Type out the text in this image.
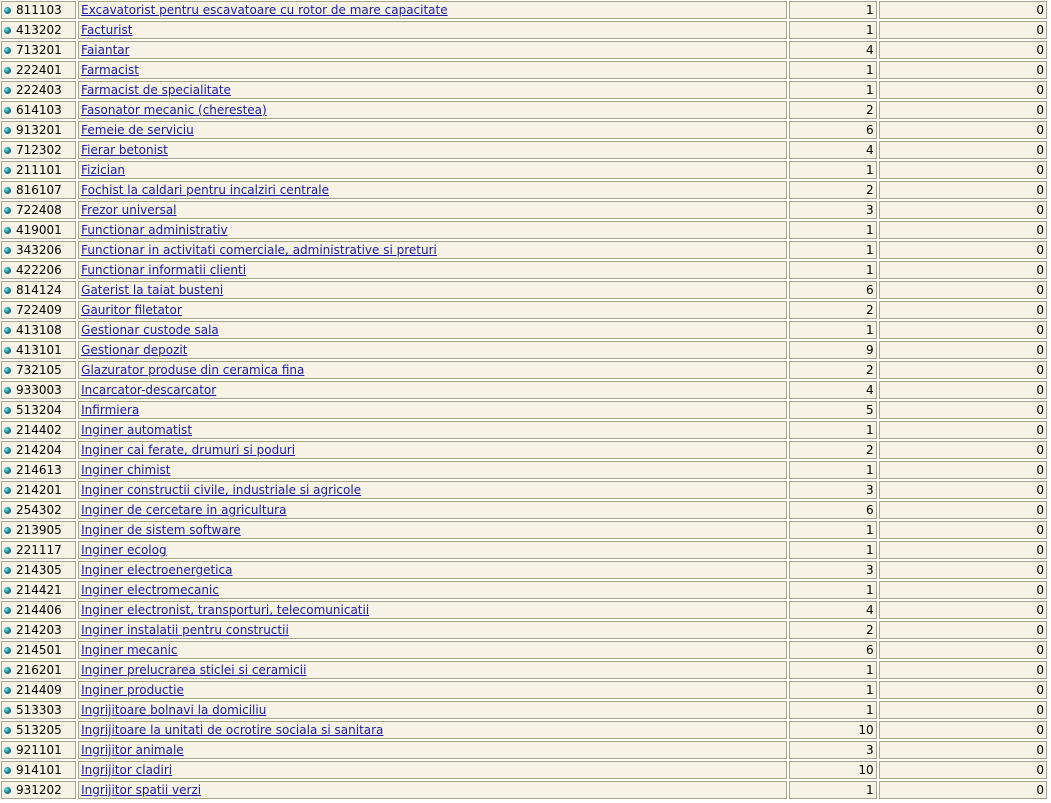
811103	Excavatorist pentru escavatoare cu rotor de mare capacitate	1	0
413202	Facturist	1	0
713201	Faiantar	4	0
222401	Farmacist	1	0
222403	Farmacist de specialitate	1	0
614103	Fasonator mecanic (cherestea)	2	0
913201	Femeie de serviciu	6	0
712302	Fierar betonist	4	0
211101	Fizician	1	0
816107	Fochist la caldari pentru incalziri centrale	2	0
722408	Frezor universal	3	0
419001	Functionar administrativ	1	0
343206	Functionar in activitati comerciale, administrative si preturi	1	0
422206	Functionar informatii clienti	1	0
814124	Gaterist la taiat busteni	6	0
722409	Gauritor filetator	2	0
413108	Gestionar custode sala	1	0
413101	Gestionar depozit	9	0
732105	Glazurator produse din ceramica fina	2	0
933003	Incarcator-descarcator	4	0
513204	Infirmiera	5	0
214402	Inginer automatist	1	0
214204	Inginer cai ferate, drumuri si poduri	2	0
214613	Inginer chimist	1	0
214201	Inginer constructii civile, industriale si agricole	3	0
254302	Inginer de cercetare in agricultura	6	0
213905	Inginer de sistem software	1	0
221117	Inginer ecolog	1	0
214305	Inginer electroenergetica	3	0
214421	Inginer electromecanic	1	0
214406	Inginer electronist, transporturi, telecomunicatii	4	0
214203	Inginer instalatii pentru constructii	2	0
214501	Inginer mecanic	6	0
216201	Inginer prelucrarea sticlei si ceramicii	1	0
214409	Inginer productie	1	0
513303	Ingrijitoare bolnavi la domiciliu	1	0
513205	Ingrijitoare la unitati de ocrotire sociala si sanitara	10	0
921101	Ingrijitor animale	3	0
914101	Ingrijitor cladiri	10	0
931202	Ingrijitor spatii verzi	1	0
